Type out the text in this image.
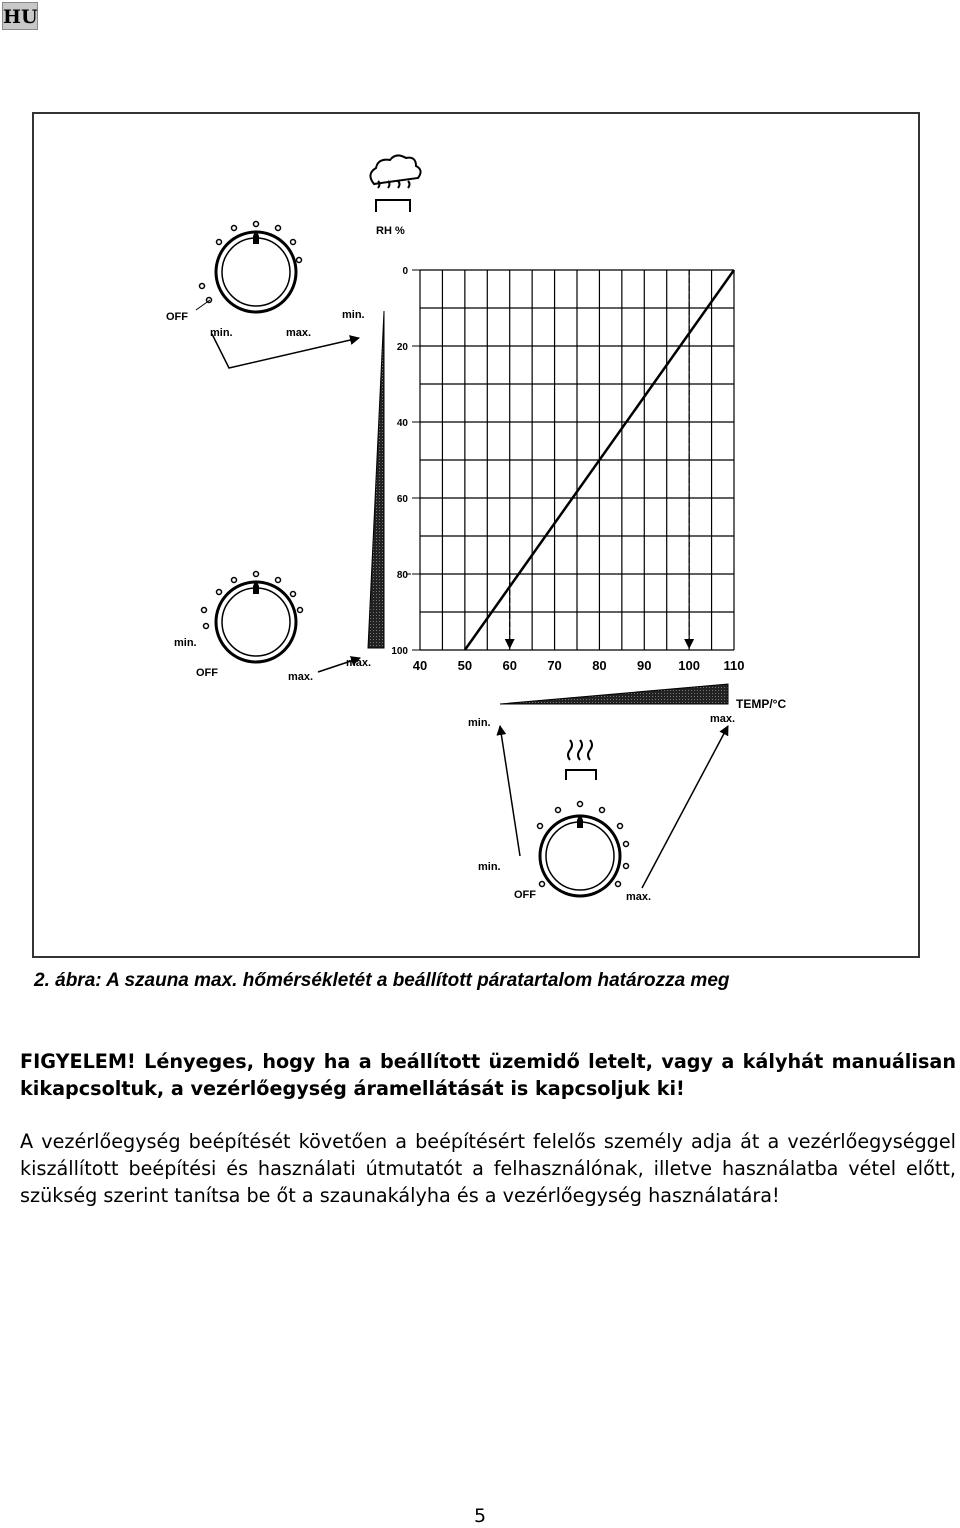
HU
RH %
min.
max.
0
20
40
60
80
100
40 50 60 70 80 90 100 110
min.	max.
TEMP/°C
OFF
min.	max.
min.
OFF	max.
min.
OFF	max.
2. ábra: A szauna max. hőmérsékletét a beállított páratartalom határozza meg
FIGYELEM! Lényeges, hogy ha a beállított üzemidő letelt, vagy a kályhát manuálisan kikapcsoltuk, a vezérlőegység áramellátását is kapcsoljuk ki!
A vezérlőegység beépítését követően a beépítésért felelős személy adja át a vezérlőegységgel kiszállított beépítési és használati útmutatót a felhasználónak, illetve használatba vétel előtt, szükség szerint tanítsa be őt a szaunakályha és a vezérlőegység használatára!
5
